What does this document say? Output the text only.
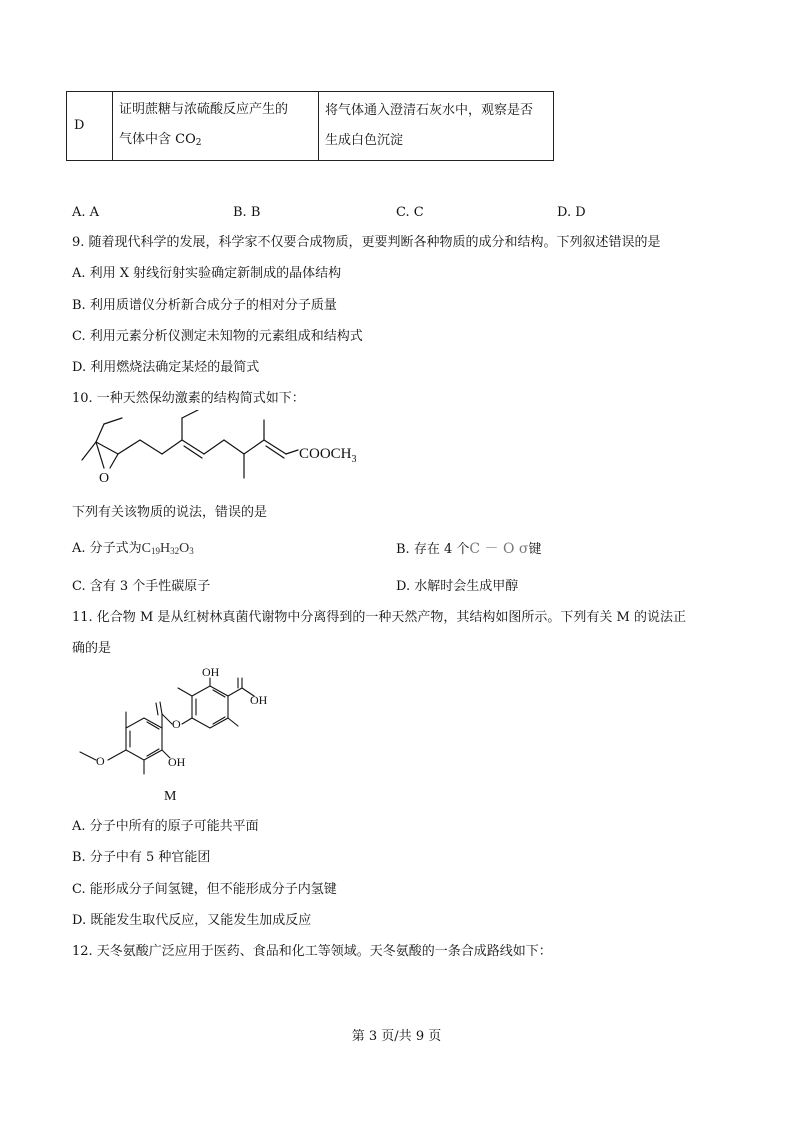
D	
证明蔗糖与浓硫酸反应产生的
气体中含 $CO_2$

将气体通入澄清石灰水中，观察是否
生成白色沉淀
A. A	B. B	C. C	D. D
9. 随着现代科学的发展，科学家不仅要合成物质，更要判断各种物质的成分和结构。下列叙述错误的是
A. 利用 X 射线衍射实验确定新制成的晶体结构
B. 利用质谱仪分析新合成分子的相对分子质量
C. 利用元素分析仪测定未知物的元素组成和结构式
D. 利用燃烧法确定某烃的最简式
10. 一种天然保幼激素的结构简式如下：
O
$COOCH_3$
下列有关该物质的说法，错误的是
A. 分子式为$C_{19}H_{32}O_3$	B. 存在 4 个C － O σ键
C. 含有 3 个手性碳原子	D. 水解时会生成甲醇
11. 化合物 M 是从红树林真菌代谢物中分离得到的一种天然产物，其结构如图所示。下列有关 M 的说法正
确的是
OH
OH
O
O	OH
M
A. 分子中所有的原子可能共平面
B. 分子中有 5 种官能团
C. 能形成分子间氢键，但不能形成分子内氢键
D. 既能发生取代反应，又能发生加成反应
12. 天冬氨酸广泛应用于医药、食品和化工等领域。天冬氨酸的一条合成路线如下：
第 3 页/共 9 页
